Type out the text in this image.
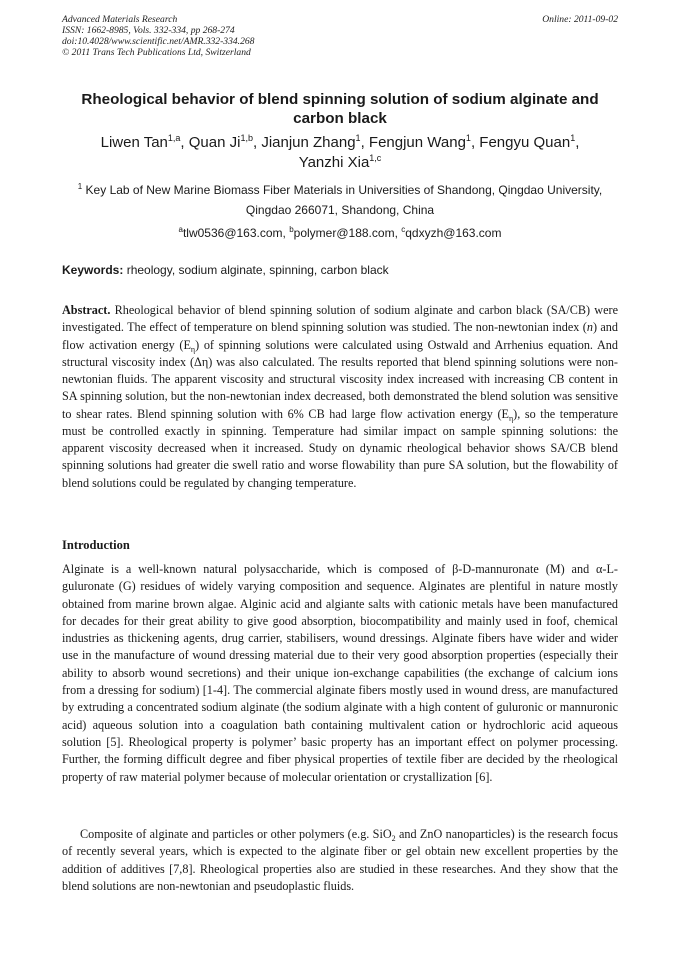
Advanced Materials Research
ISSN: 1662-8985, Vols. 332-334, pp 268-274
doi:10.4028/www.scientific.net/AMR.332-334.268
© 2011 Trans Tech Publications Ltd, Switzerland
Online: 2011-09-02
Rheological behavior of blend spinning solution of sodium alginate and
carbon black
Liwen Tan$^{1,a}$, Quan Ji$^{1,b}$, Jianjun Zhang$^1$, Fengjun Wang$^1$, Fengyu Quan$^1$,
Yanzhi Xia$^{1,c}$
$^1$ Key Lab of New Marine Biomass Fiber Materials in Universities of Shandong, Qingdao University,
Qingdao 266071, Shandong, China
$^a$tlw0536@163.com, $^b$polymer@188.com, $^c$qdxyzh@163.com
Keywords: rheology, sodium alginate, spinning, carbon black

Abstract. Rheological behavior of blend spinning solution of sodium alginate and carbon black (SA/CB) were investigated. The effect of temperature on blend spinning solution was studied. The non-newtonian index (n) and flow activation energy $(E_\eta)$ of spinning solutions were calculated using Ostwald and Arrhenius equation. And structural viscosity index (Δη) was also calculated. The results reported that blend spinning solutions were non-newtonian fluids. The apparent viscosity and structural viscosity index increased with increasing CB content in SA spinning solution, but the non-newtonian index decreased, both demonstrated the blend solution was sensitive to shear rates. Blend spinning solution with 6% CB had large flow activation energy $(E_\eta)$, so the temperature must be controlled exactly in spinning. Temperature had similar impact on sample spinning solutions: the apparent viscosity decreased when it increased. Study on dynamic rheological behavior shows SA/CB blend spinning solutions had greater die swell ratio and worse flowability than pure SA solution, but the flowability of blend solutions could be regulated by changing temperature.

Introduction

Alginate is a well-known natural polysaccharide, which is composed of β-D-mannuronate (M) and α-L-guluronate (G) residues of widely varying composition and sequence. Alginates are plentiful in nature mostly obtained from marine brown algae. Alginic acid and algiante salts with cationic metals have been manufactured for decades for their great ability to give good absorption, biocompatibility and mainly used in foof, chemical industries as thickening agents, drug carrier, stabilisers, wound dressings. Alginate fibers have wider and wider use in the manufacture of wound dressing material due to their very good absorption properties (especially their ability to absorb wound secretions) and their unique ion-exchange capabilities (the exchange of calcium ions from a dressing for sodium) [1-4]. The commercial alginate fibers mostly used in wound dress, are manufactured by extruding a concentrated sodium alginate (the sodium alginate with a high content of guluronic or mannuronic acid) aqueous solution into a coagulation bath containing multivalent cation or hydrochloric acid aqueous solution [5]. Rheological property is polymer’ basic property has an important effect on polymer processing. Further, the forming difficult degree and fiber physical properties of textile fiber are decided by the rheological property of raw material polymer because of molecular orientation or crystallization [6].

Composite of alginate and particles or other polymers (e.g. SiO$_2$ and ZnO nanoparticles) is the research focus of recently several years, which is expected to the alginate fiber or gel obtain new excellent properties by the addition of additives [7,8]. Rheological properties also are studied in these researches. And they show that the blend solutions are non-newtonian and pseudoplastic fluids.
